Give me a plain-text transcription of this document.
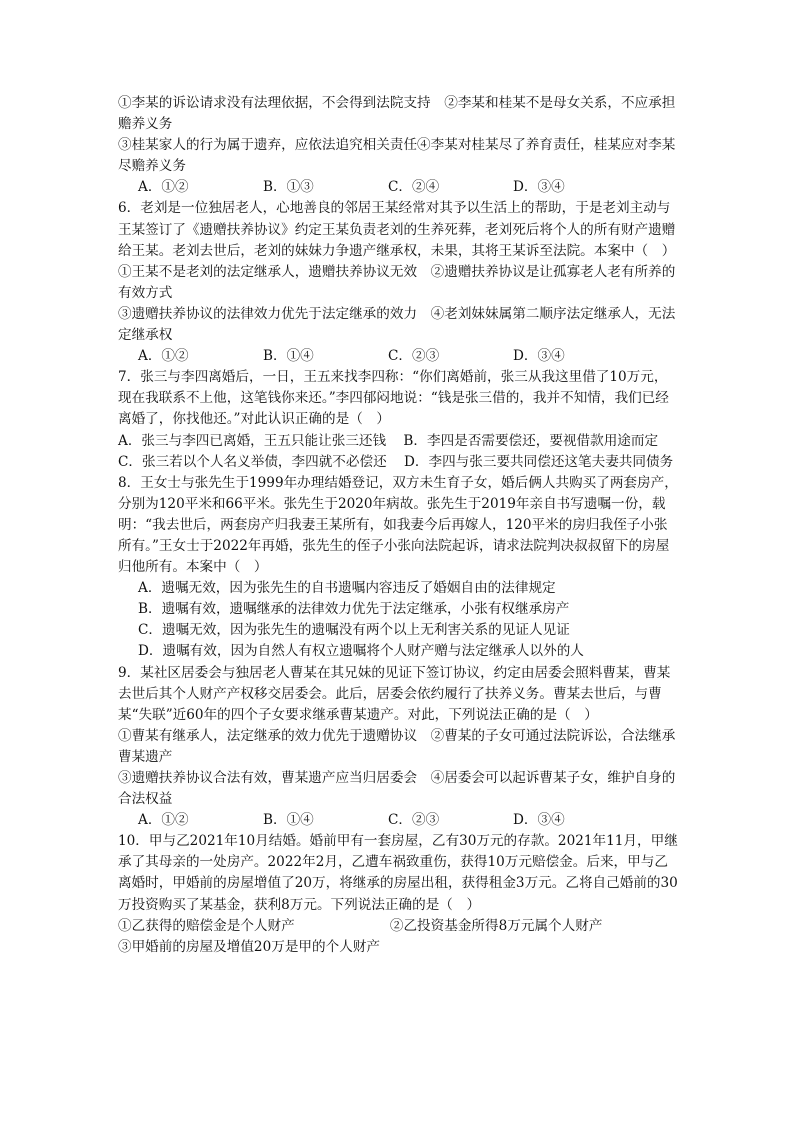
①李某的诉讼请求没有法理依据，不会得到法院支持　②李某和桂某不是母女关系，不应承担赡养义务

③桂某家人的行为属于遗弃，应依法追究相关责任④李某对桂某尽了养育责任，桂某应对李某尽赡养义务

A．①②	B．①③	C．②④	D．③④

6．老刘是一位独居老人，心地善良的邻居王某经常对其予以生活上的帮助，于是老刘主动与王某签订了《遗赠扶养协议》约定王某负责老刘的生养死葬，老刘死后将个人的所有财产遗赠给王某。老刘去世后，老刘的妹妹力争遗产继承权，未果，其将王某诉至法院。本案中（　）

①王某不是老刘的法定继承人，遗赠扶养协议无效　②遗赠扶养协议是让孤寡老人老有所养的有效方式

③遗赠扶养协议的法律效力优先于法定继承的效力　④老刘妹妹属第二顺序法定继承人，无法定继承权

A．①②	B．①④	C．②③	D．③④

7．张三与李四离婚后，一日，王五来找李四称：“你们离婚前，张三从我这里借了10万元，现在我联系不上他，这笔钱你来还。”李四郁闷地说：“钱是张三借的，我并不知情，我们已经离婚了，你找他还。”对此认识正确的是（　）

A．张三与李四已离婚，王五只能让张三还钱 B．李四是否需要偿还，要视借款用途而定

C．张三若以个人名义举债，李四就不必偿还 D．李四与张三要共同偿还这笔夫妻共同债务

8．王女士与张先生于1999年办理结婚登记，双方未生育子女，婚后俩人共购买了两套房产，分别为120平米和66平米。张先生于2020年病故。张先生于2019年亲自书写遗嘱一份，载明：“我去世后，两套房产归我妻王某所有，如我妻今后再嫁人，120平米的房归我侄子小张所有。”王女士于2022年再婚，张先生的侄子小张向法院起诉，请求法院判决叔叔留下的房屋归他所有。本案中（　）

A．遗嘱无效，因为张先生的自书遗嘱内容违反了婚姻自由的法律规定

B．遗嘱有效，遗嘱继承的法律效力优先于法定继承，小张有权继承房产

C．遗嘱无效，因为张先生的遗嘱没有两个以上无利害关系的见证人见证

D．遗嘱有效，因为自然人有权立遗嘱将个人财产赠与法定继承人以外的人

9．某社区居委会与独居老人曹某在其兄妹的见证下签订协议，约定由居委会照料曹某，曹某去世后其个人财产产权移交居委会。此后，居委会依约履行了扶养义务。曹某去世后，与曹某“失联”近60年的四个子女要求继承曹某遗产。对此，下列说法正确的是（　）

①曹某有继承人，法定继承的效力优先于遗赠协议　②曹某的子女可通过法院诉讼，合法继承曹某遗产

③遗赠扶养协议合法有效，曹某遗产应当归居委会　④居委会可以起诉曹某子女，维护自身的合法权益

A．①②	B．①④	C．②③	D．③④

10．甲与乙2021年10月结婚。婚前甲有一套房屋，乙有30万元的存款。2021年11月，甲继承了其母亲的一处房产。2022年2月，乙遭车祸致重伤，获得10万元赔偿金。后来，甲与乙离婚时，甲婚前的房屋增值了20万，将继承的房屋出租，获得租金3万元。乙将自己婚前的30万投资购买了某基金，获利8万元。下列说法正确的是（　）

①乙获得的赔偿金是个人财产　　　　　　　②乙投资基金所得8万元属个人财产

③甲婚前的房屋及增值20万是甲的个人财产
